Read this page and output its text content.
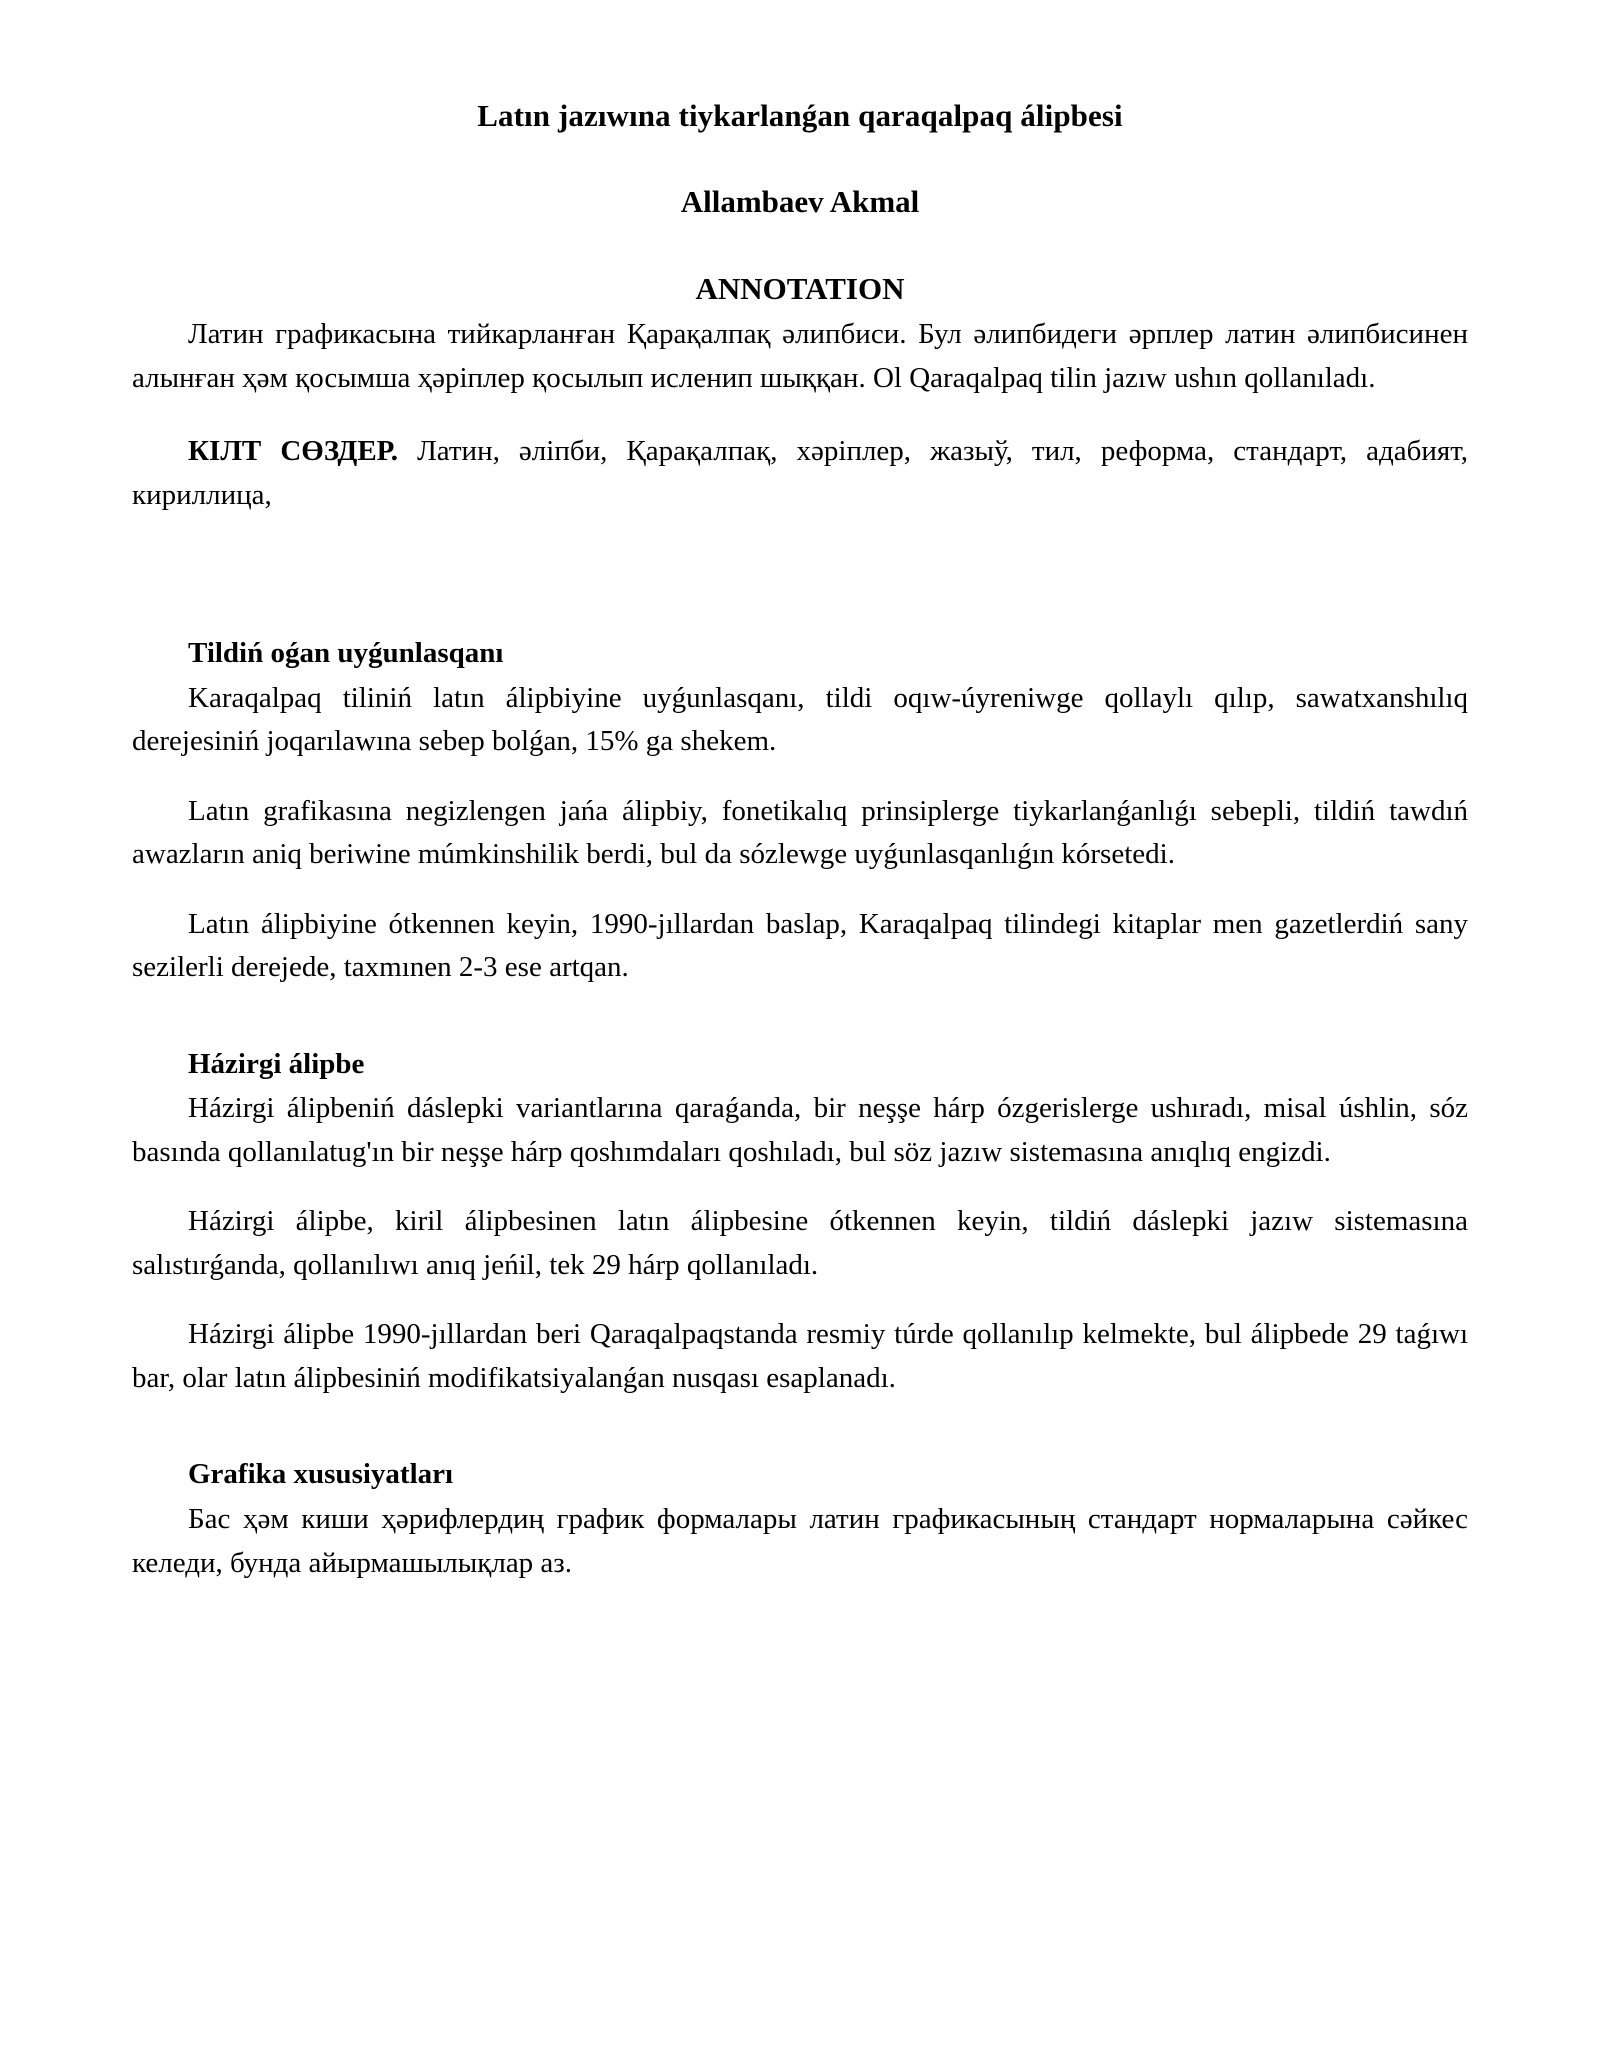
Latın jazıwına tiykarlanǵan qaraqalpaq álipbesi
Allambaev Akmal
ANNOTATION

Латин графикасына тийкарланған Қарақалпақ әлипбиси. Бул әлипбидеги әрплер латин әлипбисинен алынған ҳәм қосымша ҳәріплер қосылып исленип шыққан. Ol Qaraqalpaq tilin jazıw ushın qollanıladı.

КІЛТ СӨЗДЕР. Латин, әліпби, Қарақалпақ, хәріплер, жазыў, тил, реформа, стандарт, адабият, кириллица,

Tildiń oǵan uyǵunlasqanı

Karaqalpaq tiliniń latın álipbiyine uyǵunlasqanı, tildi oqıw-úyreniwge qollaylı qılıp, sawatxanshılıq derejesiniń joqarılawına sebep bolǵan, 15% ga shekem.

Latın grafikasına negizlengen jańa álipbiy, fonetikalıq prinsiplerge tiykarlanǵanlıǵı sebepli, tildiń tawdıń awazların aniq beriwine múmkinshilik berdi, bul da sózlewge uyǵunlasqanlıǵın kórsetedi.

Latın álipbiyine ótkennen keyin, 1990-jıllardan baslap, Karaqalpaq tilindegi kitaplar men gazetlerdiń sany sezilerli derejede, taxmınen 2-3 ese artqan.

Házirgi álipbe

Házirgi álipbeniń dáslepki variantlarına qaraǵanda, bir neşşe hárp ózgerislerge ushıradı, misal úshlin, sóz basında qollanılatug'ın bir neşşe hárp qoshımdaları qoshıladı, bul söz jazıw sistemasına anıqlıq engizdi.

Házirgi álipbe, kiril álipbesinen latın álipbesine ótkennen keyin, tildiń dáslepki jazıw sistemasına salıstırǵanda, qollanılıwı anıq jeńil, tek 29 hárp qollanıladı.

Házirgi álipbe 1990-jıllardan beri Qaraqalpaqstanda resmiy túrde qollanılıp kelmekte, bul álipbede 29 taǵıwı bar, olar latın álipbesiniń modifikatsiyalanǵan nusqası esaplanadı.

Grafika xususiyatları

Бас ҳәм киши ҳәрифлердиң график формалары латин графикасының стандарт нормаларына сәйкес келеди, бунда айырмашылықлар аз.
